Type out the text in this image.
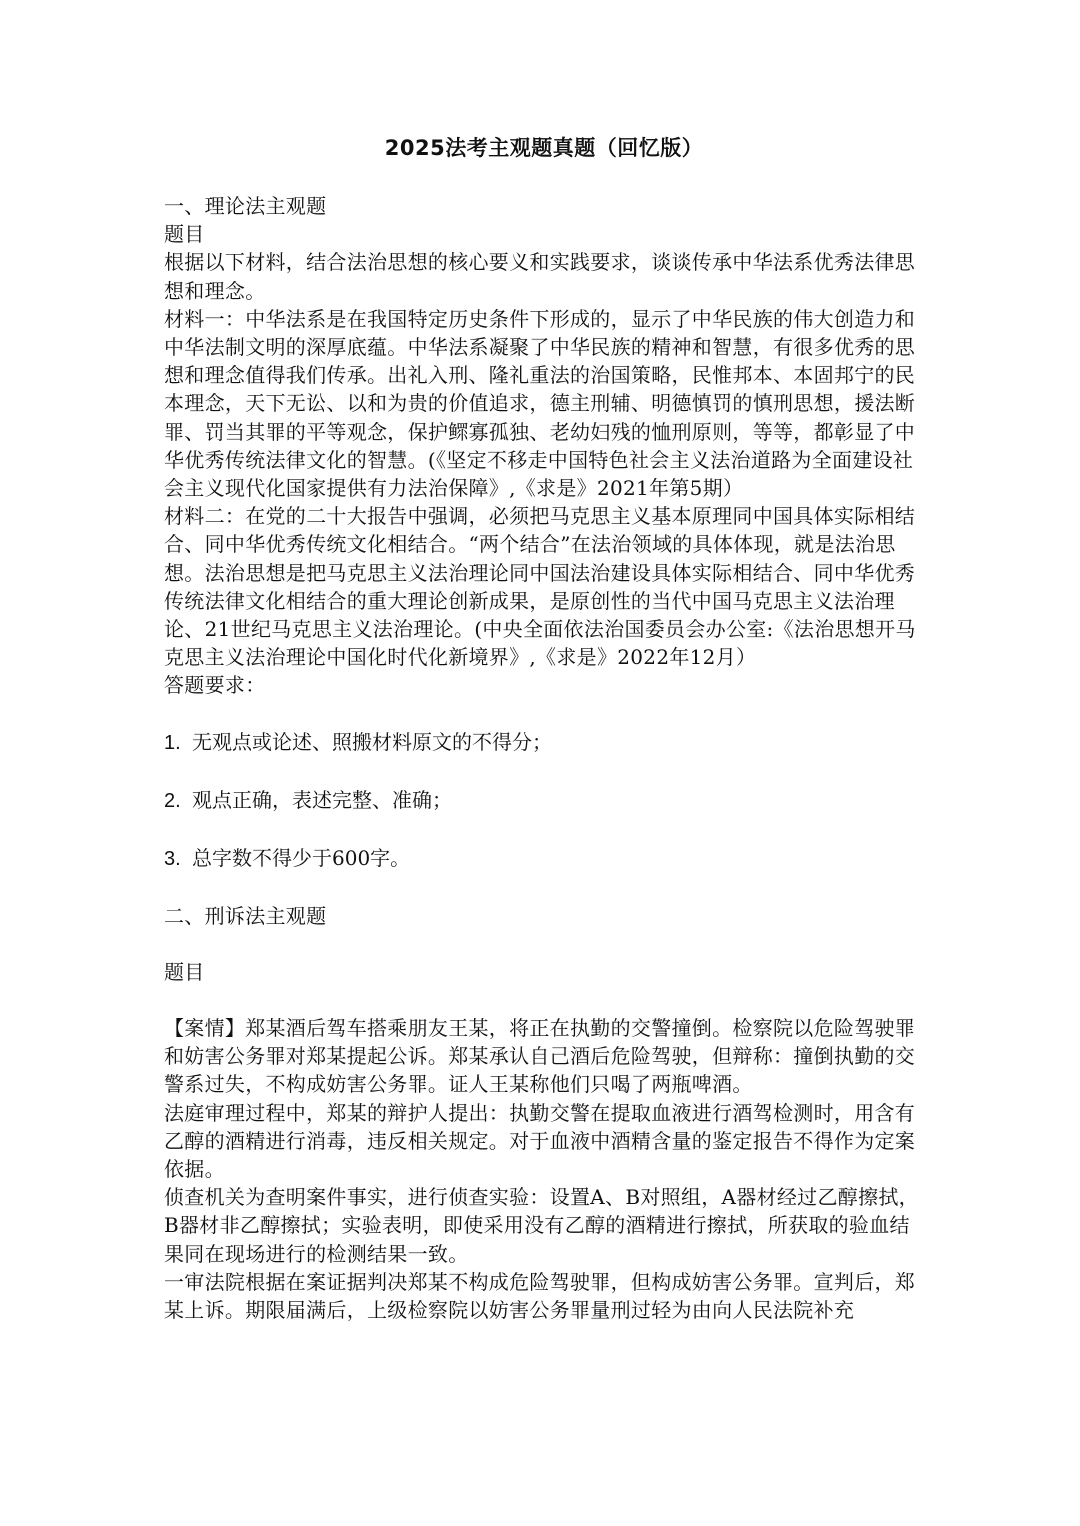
2025法考主观题真题（回忆版）

一、理论法主观题

题目

根据以下材料，结合法治思想的核心要义和实践要求，谈谈传承中华法系优秀法律思想和理念。

材料一：中华法系是在我国特定历史条件下形成的，显示了中华民族的伟大创造力和中华法制文明的深厚底蕴。中华法系凝聚了中华民族的精神和智慧，有很多优秀的思想和理念值得我们传承。出礼入刑、隆礼重法的治国策略，民惟邦本、本固邦宁的民本理念，天下无讼、以和为贵的价值追求，德主刑辅、明德慎罚的慎刑思想，援法断罪、罚当其罪的平等观念，保护鳏寡孤独、老幼妇残的恤刑原则，等等，都彰显了中华优秀传统法律文化的智慧。(《坚定不移走中国特色社会主义法治道路为全面建设社会主义现代化国家提供有力法治保障》,《求是》2021年第5期）

材料二：在党的二十大报告中强调，必须把马克思主义基本原理同中国具体实际相结合、同中华优秀传统文化相结合。“两个结合”在法治领域的具体体现，就是法治思想。法治思想是把马克思主义法治理论同中国法治建设具体实际相结合、同中华优秀传统法律文化相结合的重大理论创新成果，是原创性的当代中国马克思主义法治理论、21世纪马克思主义法治理论。(中央全面依法治国委员会办公室:《法治思想开马克思主义法治理论中国化时代化新境界》,《求是》2022年12月）

答题要求：

1. 无观点或论述、照搬材料原文的不得分；

2. 观点正确，表述完整、准确；

3. 总字数不得少于600字。

二、刑诉法主观题

题目

【案情】郑某酒后驾车搭乘朋友王某，将正在执勤的交警撞倒。检察院以危险驾驶罪和妨害公务罪对郑某提起公诉。郑某承认自己酒后危险驾驶，但辩称：撞倒执勤的交警系过失，不构成妨害公务罪。证人王某称他们只喝了两瓶啤酒。

法庭审理过程中，郑某的辩护人提出：执勤交警在提取血液进行酒驾检测时，用含有乙醇的酒精进行消毒，违反相关规定。对于血液中酒精含量的鉴定报告不得作为定案依据。

侦查机关为查明案件事实，进行侦查实验：设置A、B对照组，A器材经过乙醇擦拭，B器材非乙醇擦拭；实验表明，即使采用没有乙醇的酒精进行擦拭，所获取的验血结果同在现场进行的检测结果一致。

一审法院根据在案证据判决郑某不构成危险驾驶罪，但构成妨害公务罪。宣判后，郑某上诉。期限届满后，上级检察院以妨害公务罪量刑过轻为由向人民法院补充
